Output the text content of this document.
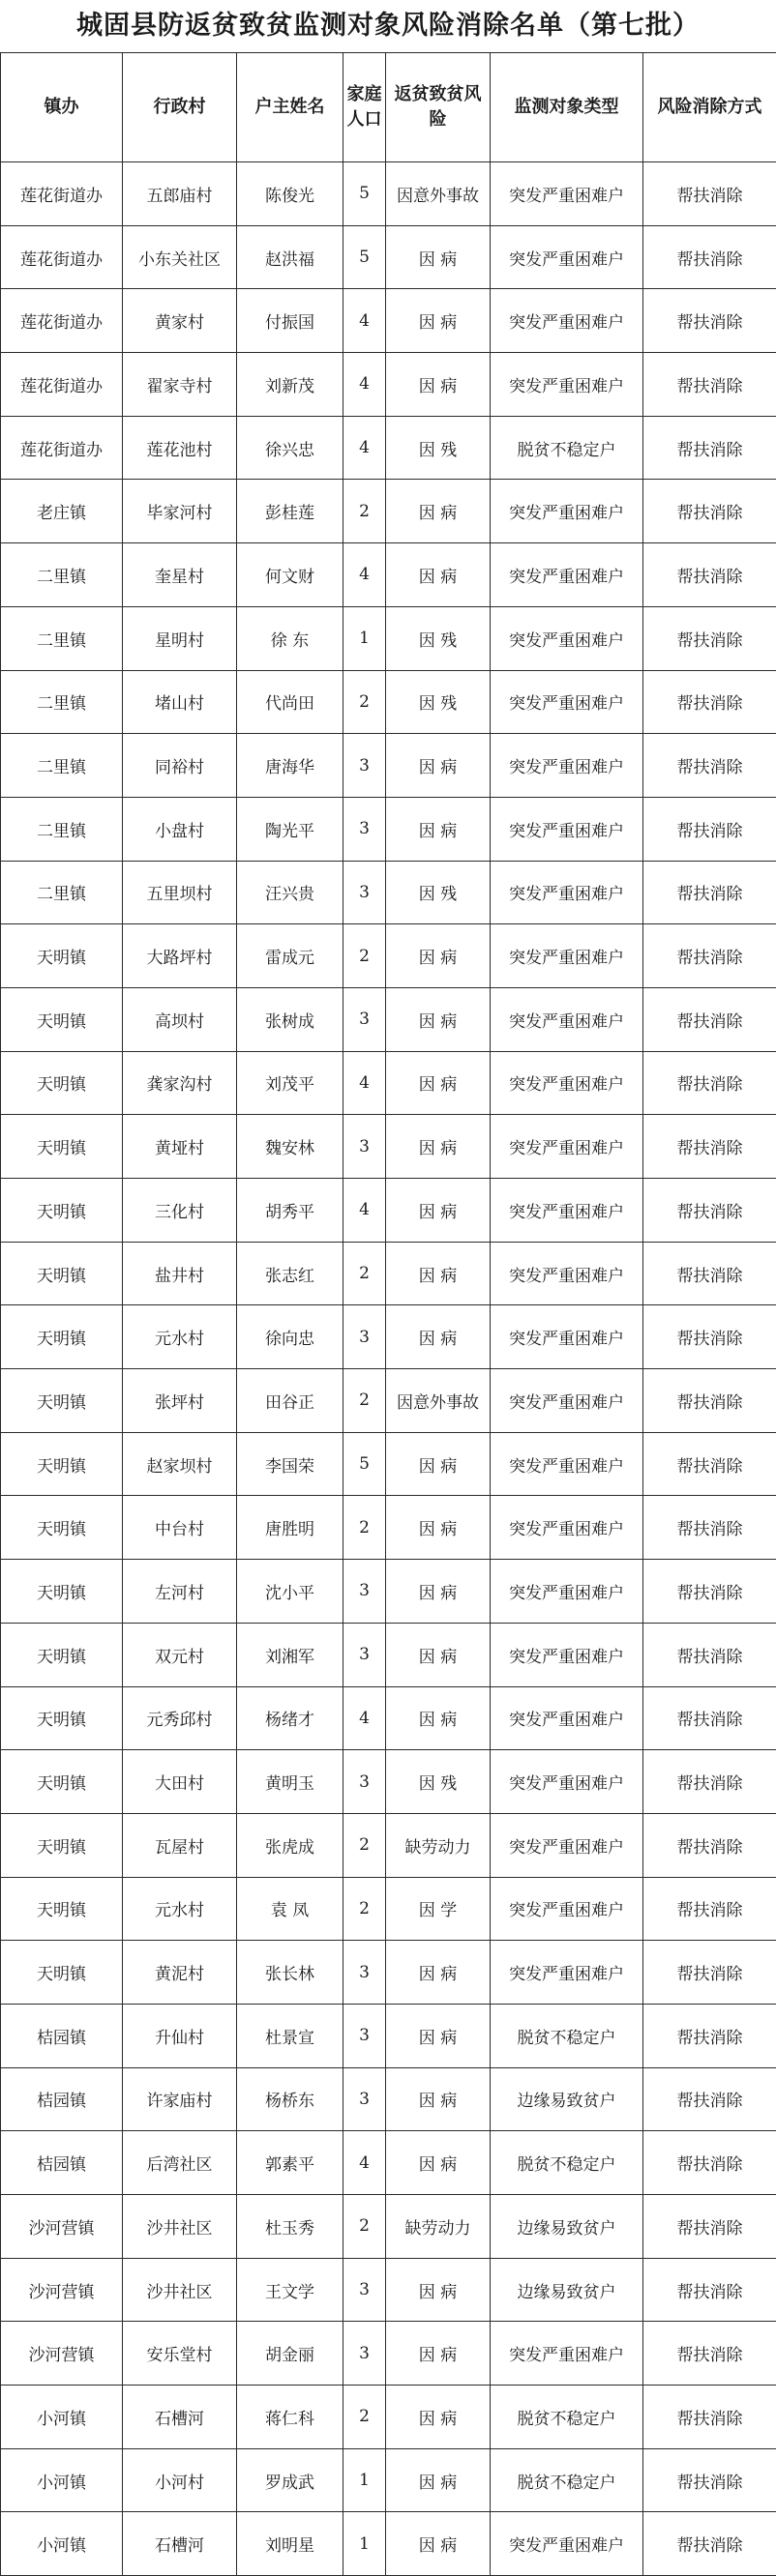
城固县防返贫致贫监测对象风险消除名单（第七批）
镇办	行政村	户主姓名	家庭人口	返贫致贫风险	监测对象类型	风险消除方式
莲花街道办	五郎庙村	陈俊光	5	因意外事故	突发严重困难户	帮扶消除
莲花街道办	小东关社区	赵洪福	5	因 病	突发严重困难户	帮扶消除
莲花街道办	黄家村	付振国	4	因 病	突发严重困难户	帮扶消除
莲花街道办	翟家寺村	刘新茂	4	因 病	突发严重困难户	帮扶消除
莲花街道办	莲花池村	徐兴忠	4	因 残	脱贫不稳定户	帮扶消除
老庄镇	毕家河村	彭桂莲	2	因 病	突发严重困难户	帮扶消除
二里镇	奎星村	何文财	4	因 病	突发严重困难户	帮扶消除
二里镇	星明村	徐 东	1	因 残	突发严重困难户	帮扶消除
二里镇	堵山村	代尚田	2	因 残	突发严重困难户	帮扶消除
二里镇	同裕村	唐海华	3	因 病	突发严重困难户	帮扶消除
二里镇	小盘村	陶光平	3	因 病	突发严重困难户	帮扶消除
二里镇	五里坝村	汪兴贵	3	因 残	突发严重困难户	帮扶消除
天明镇	大路坪村	雷成元	2	因 病	突发严重困难户	帮扶消除
天明镇	高坝村	张树成	3	因 病	突发严重困难户	帮扶消除
天明镇	龚家沟村	刘茂平	4	因 病	突发严重困难户	帮扶消除
天明镇	黄垭村	魏安林	3	因 病	突发严重困难户	帮扶消除
天明镇	三化村	胡秀平	4	因 病	突发严重困难户	帮扶消除
天明镇	盐井村	张志红	2	因 病	突发严重困难户	帮扶消除
天明镇	元水村	徐向忠	3	因 病	突发严重困难户	帮扶消除
天明镇	张坪村	田谷正	2	因意外事故	突发严重困难户	帮扶消除
天明镇	赵家坝村	李国荣	5	因 病	突发严重困难户	帮扶消除
天明镇	中台村	唐胜明	2	因 病	突发严重困难户	帮扶消除
天明镇	左河村	沈小平	3	因 病	突发严重困难户	帮扶消除
天明镇	双元村	刘湘军	3	因 病	突发严重困难户	帮扶消除
天明镇	元秀邱村	杨绪才	4	因 病	突发严重困难户	帮扶消除
天明镇	大田村	黄明玉	3	因 残	突发严重困难户	帮扶消除
天明镇	瓦屋村	张虎成	2	缺劳动力	突发严重困难户	帮扶消除
天明镇	元水村	袁 凤	2	因 学	突发严重困难户	帮扶消除
天明镇	黄泥村	张长林	3	因 病	突发严重困难户	帮扶消除
桔园镇	升仙村	杜景宣	3	因 病	脱贫不稳定户	帮扶消除
桔园镇	许家庙村	杨桥东	3	因 病	边缘易致贫户	帮扶消除
桔园镇	后湾社区	郭素平	4	因 病	脱贫不稳定户	帮扶消除
沙河营镇	沙井社区	杜玉秀	2	缺劳动力	边缘易致贫户	帮扶消除
沙河营镇	沙井社区	王文学	3	因 病	边缘易致贫户	帮扶消除
沙河营镇	安乐堂村	胡金丽	3	因 病	突发严重困难户	帮扶消除
小河镇	石槽河	蒋仁科	2	因 病	脱贫不稳定户	帮扶消除
小河镇	小河村	罗成武	1	因 病	脱贫不稳定户	帮扶消除
小河镇	石槽河	刘明星	1	因 病	突发严重困难户	帮扶消除
